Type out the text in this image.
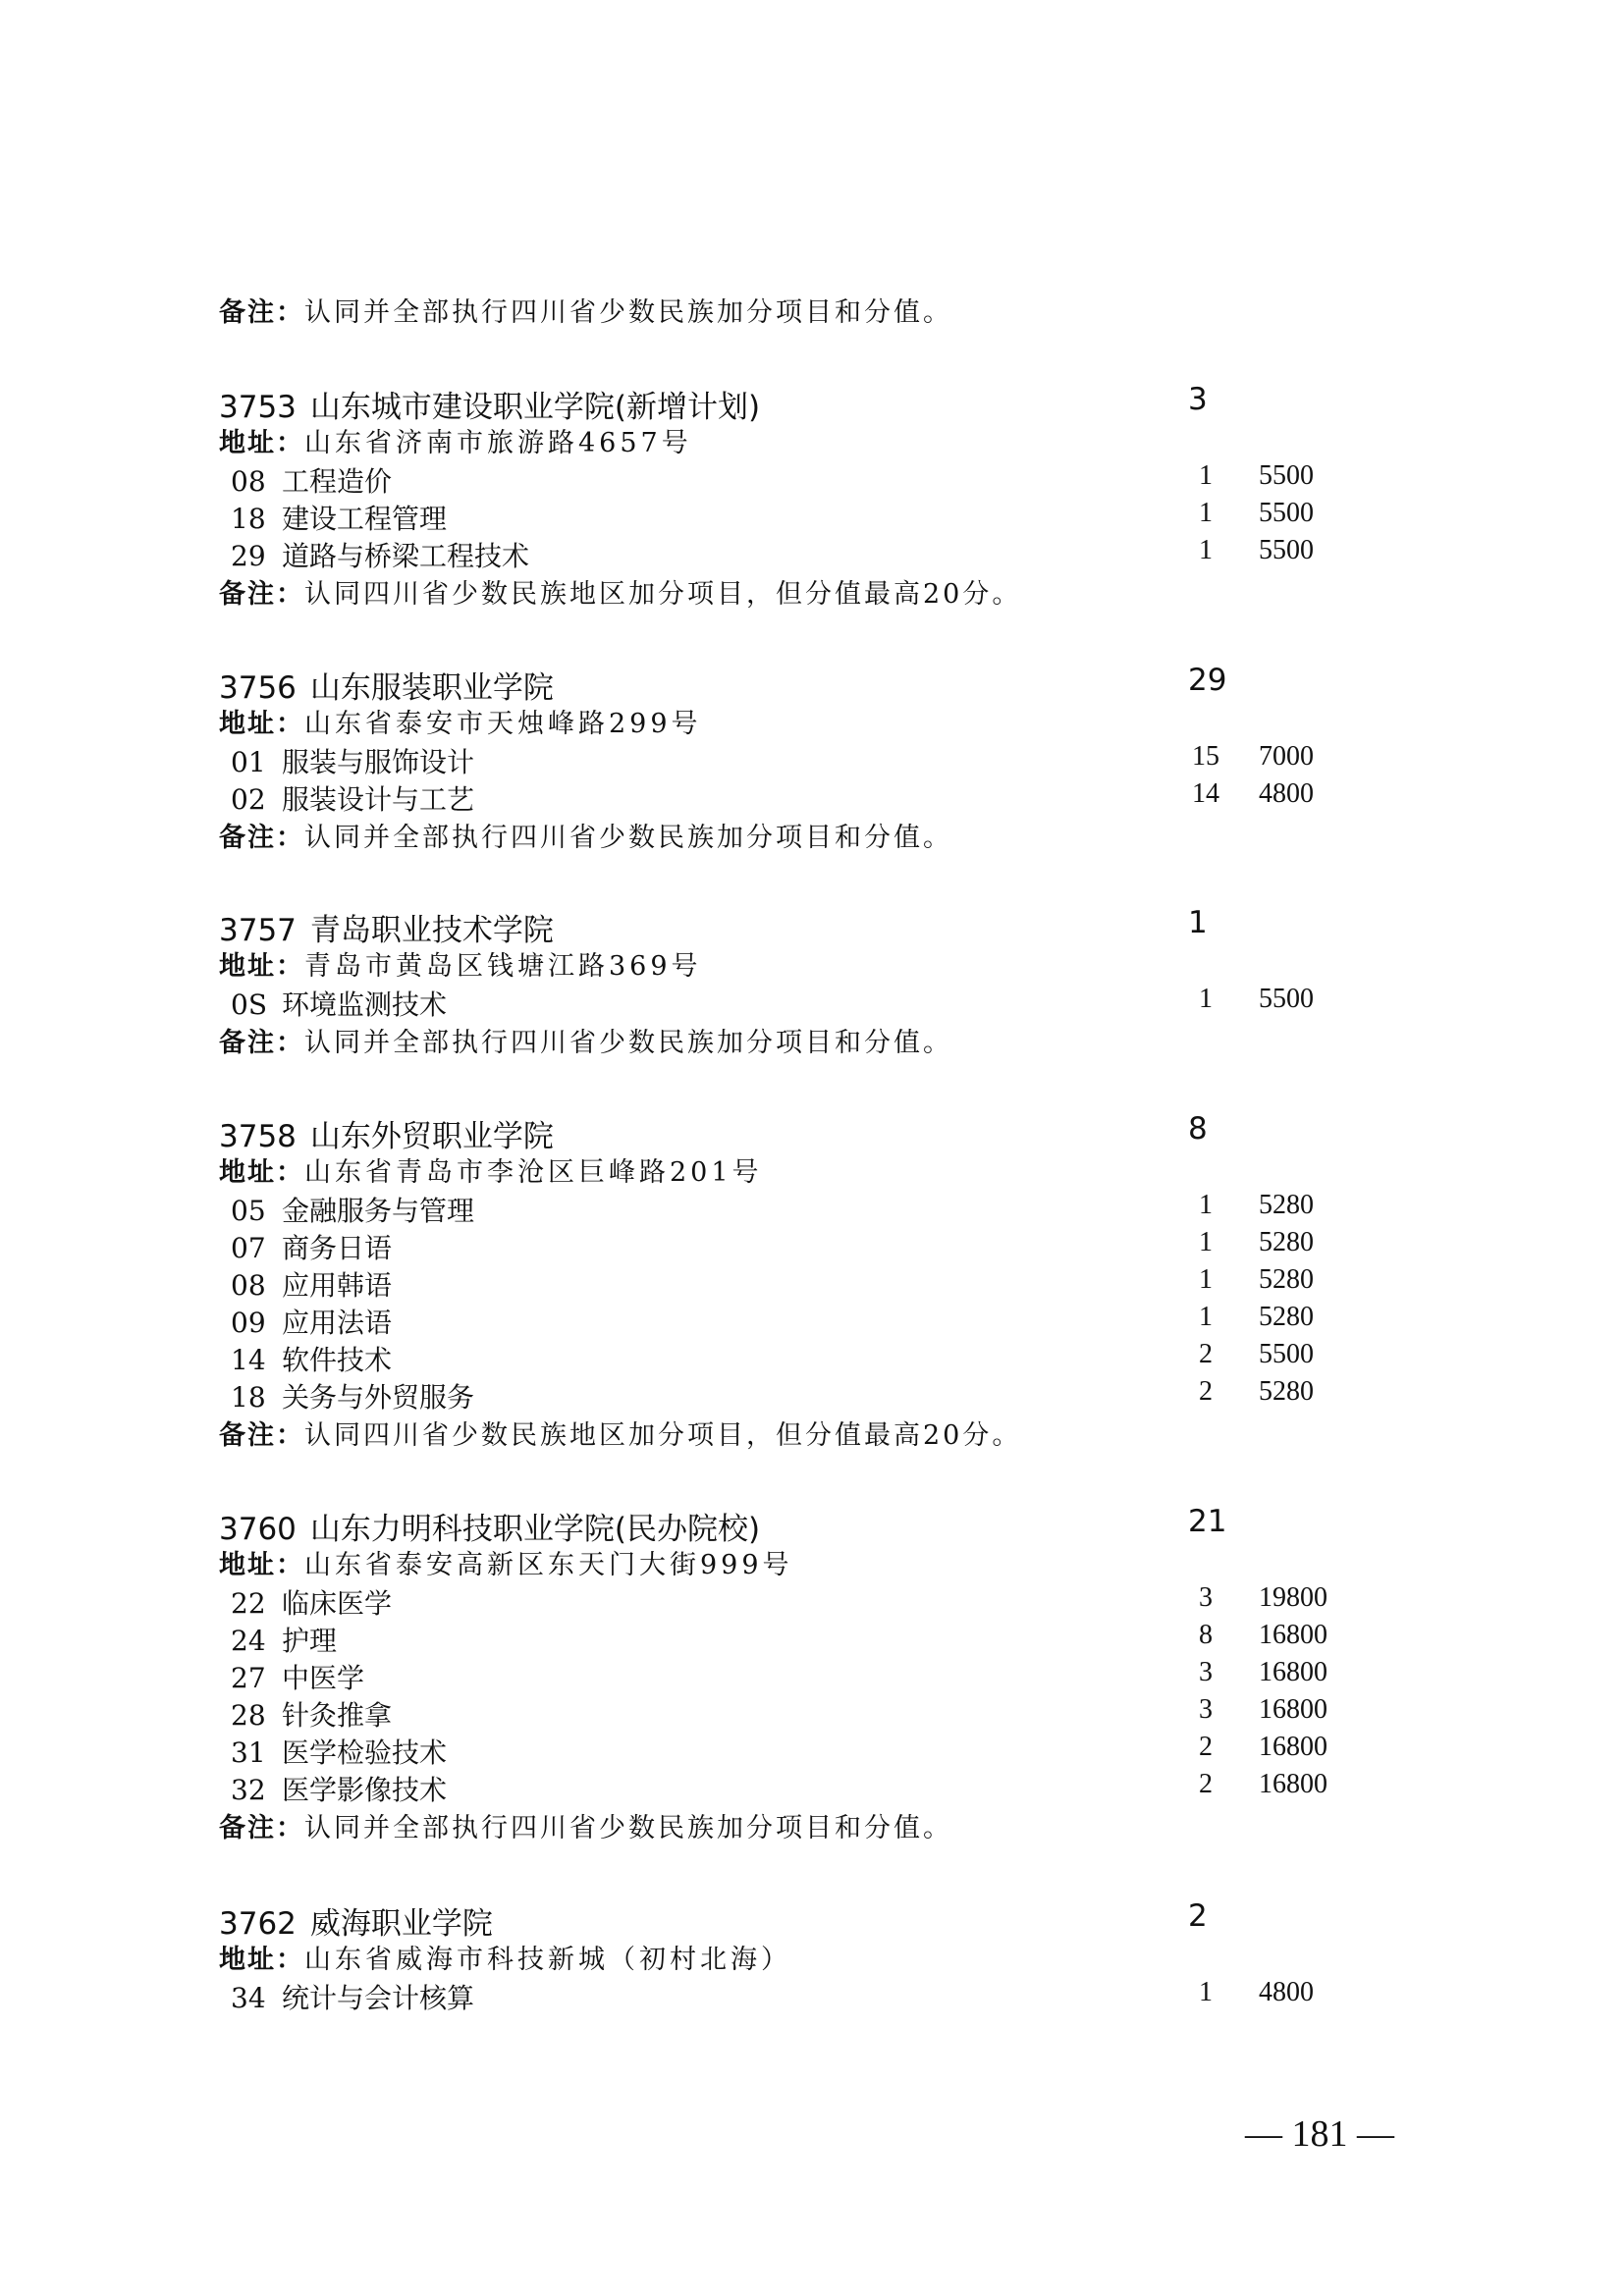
备注：认同并全部执行四川省少数民族加分项目和分值。
3753 山东城市建设职业学院(新增计划)	3
地址：山东省济南市旅游路4657号
08 工程造价	1	5500
18 建设工程管理	1	5500
29 道路与桥梁工程技术	1	5500
备注：认同四川省少数民族地区加分项目，但分值最高20分。
3756 山东服装职业学院	29
地址：山东省泰安市天烛峰路299号
01 服装与服饰设计	15	7000
02 服装设计与工艺	14	4800
备注：认同并全部执行四川省少数民族加分项目和分值。
3757 青岛职业技术学院	1
地址：青岛市黄岛区钱塘江路369号
0S 环境监测技术	1	5500
备注：认同并全部执行四川省少数民族加分项目和分值。
3758 山东外贸职业学院	8
地址：山东省青岛市李沧区巨峰路201号
05 金融服务与管理	1	5280
07 商务日语	1	5280
08 应用韩语	1	5280
09 应用法语	1	5280
14 软件技术	2	5500
18 关务与外贸服务	2	5280
备注：认同四川省少数民族地区加分项目，但分值最高20分。
3760 山东力明科技职业学院(民办院校)	21
地址：山东省泰安高新区东天门大街999号
22 临床医学	3	19800
24 护理	8	16800
27 中医学	3	16800
28 针灸推拿	3	16800
31 医学检验技术	2	16800
32 医学影像技术	2	16800
备注：认同并全部执行四川省少数民族加分项目和分值。
3762 威海职业学院	2
地址：山东省威海市科技新城（初村北海）
34 统计与会计核算	1	4800
— 181 —
